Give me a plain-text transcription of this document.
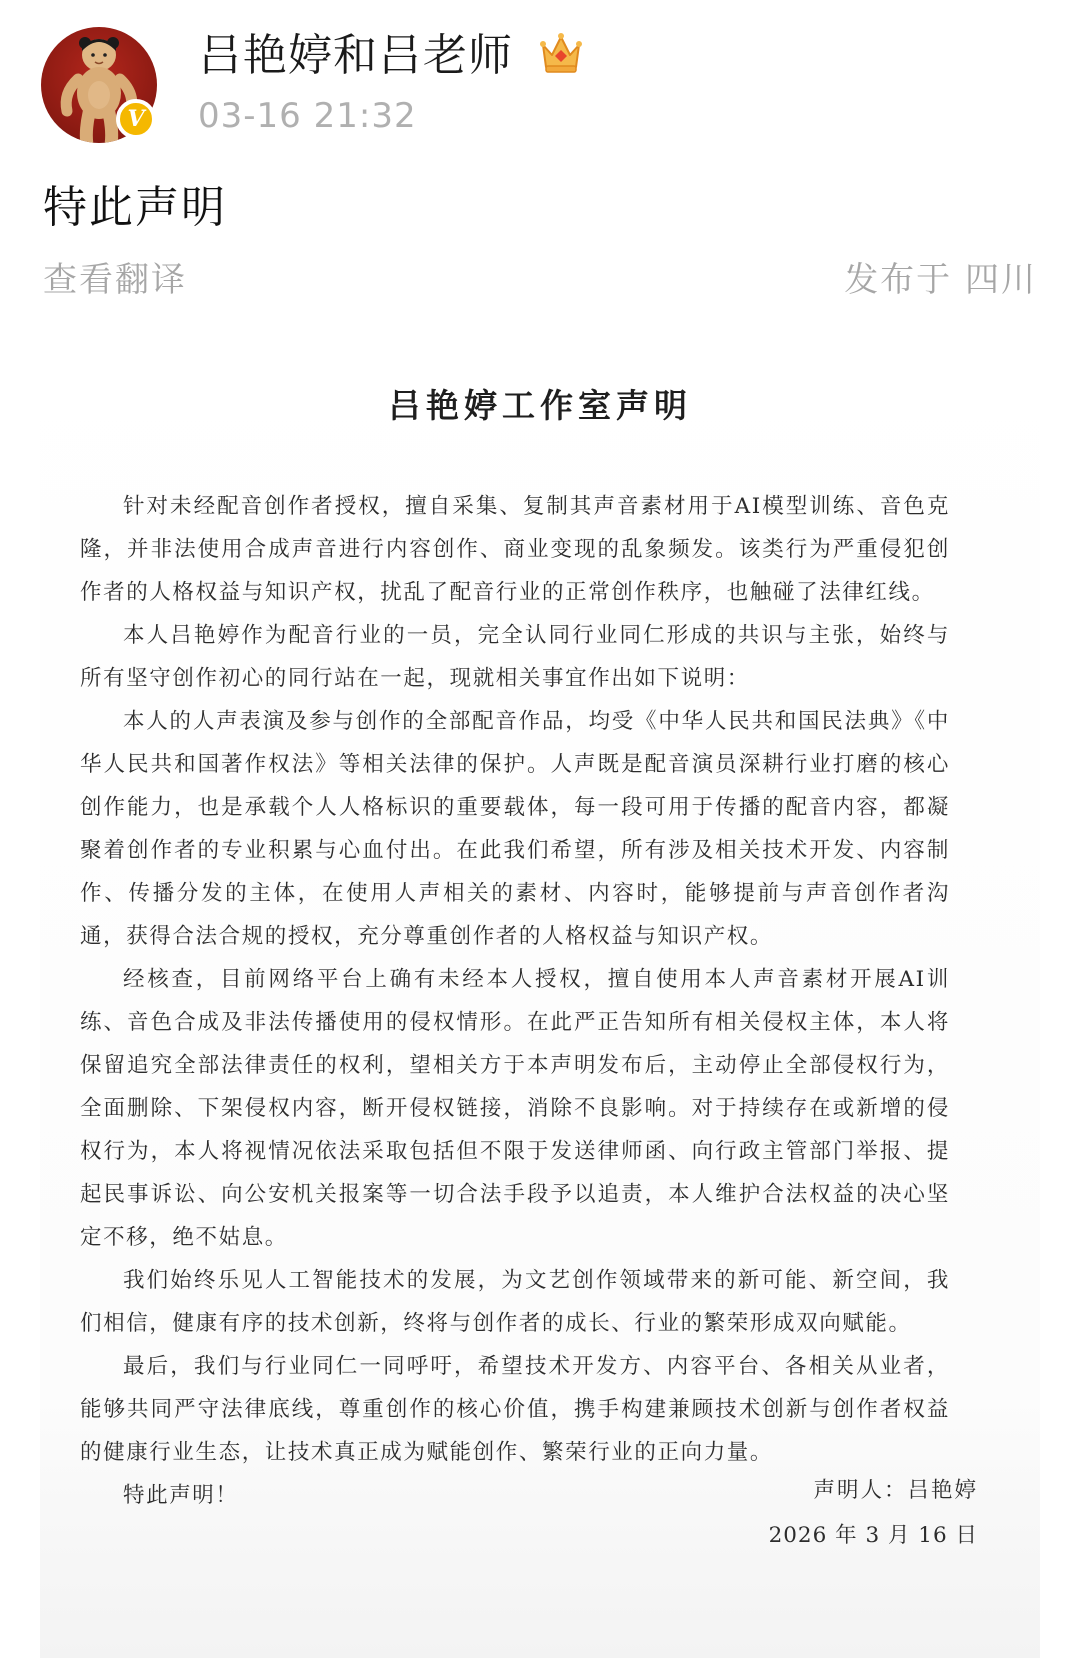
V
吕艳婷和吕老师
03-16 21:32
特此声明
查看翻译	发布于 四川
吕艳婷工作室声明

针对未经配音创作者授权，擅自采集、复制其声音素材用于AI模型训练、音色克隆，并非法使用合成声音进行内容创作、商业变现的乱象频发。该类行为严重侵犯创作者的人格权益与知识产权，扰乱了配音行业的正常创作秩序，也触碰了法律红线。

本人吕艳婷作为配音行业的一员，完全认同行业同仁形成的共识与主张，始终与所有坚守创作初心的同行站在一起，现就相关事宜作出如下说明：

本人的人声表演及参与创作的全部配音作品，均受《中华人民共和国民法典》《中华人民共和国著作权法》等相关法律的保护。人声既是配音演员深耕行业打磨的核心创作能力，也是承载个人人格标识的重要载体，每一段可用于传播的配音内容，都凝聚着创作者的专业积累与心血付出。在此我们希望，所有涉及相关技术开发、内容制作、传播分发的主体，在使用人声相关的素材、内容时，能够提前与声音创作者沟通，获得合法合规的授权，充分尊重创作者的人格权益与知识产权。

经核查，目前网络平台上确有未经本人授权，擅自使用本人声音素材开展AI训练、音色合成及非法传播使用的侵权情形。在此严正告知所有相关侵权主体，本人将保留追究全部法律责任的权利，望相关方于本声明发布后，主动停止全部侵权行为，全面删除、下架侵权内容，断开侵权链接，消除不良影响。对于持续存在或新增的侵权行为，本人将视情况依法采取包括但不限于发送律师函、向行政主管部门举报、提起民事诉讼、向公安机关报案等一切合法手段予以追责，本人维护合法权益的决心坚定不移，绝不姑息。

我们始终乐见人工智能技术的发展，为文艺创作领域带来的新可能、新空间，我们相信，健康有序的技术创新，终将与创作者的成长、行业的繁荣形成双向赋能。

最后，我们与行业同仁一同呼吁，希望技术开发方、内容平台、各相关从业者，能够共同严守法律底线，尊重创作的核心价值，携手构建兼顾技术创新与创作者权益的健康行业生态，让技术真正成为赋能创作、繁荣行业的正向力量。

特此声明！	声明人：吕艳婷
2026 年 3 月 16 日
